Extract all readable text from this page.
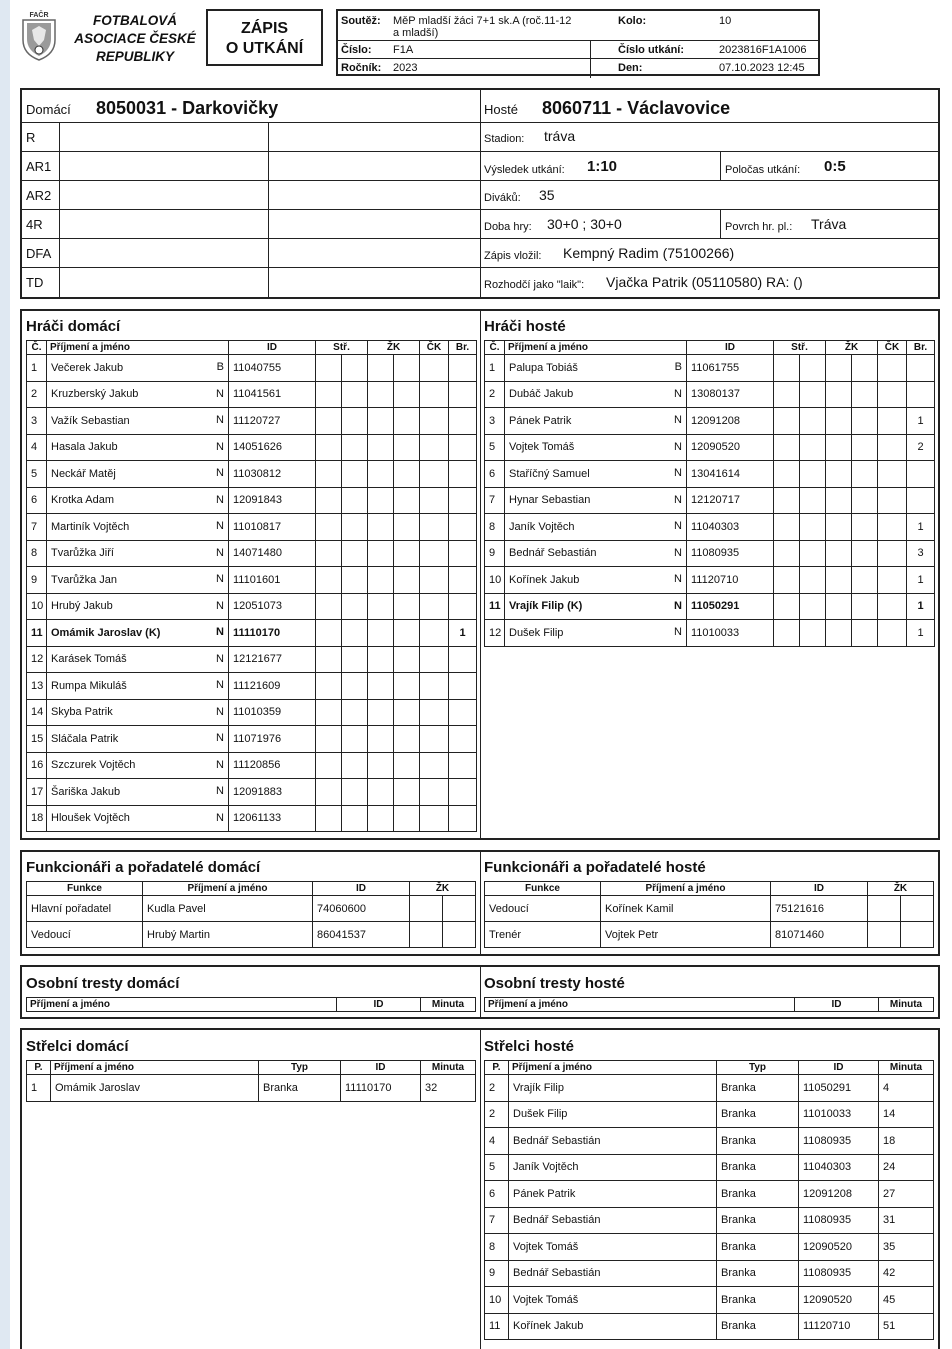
FAČR	FOTBALOVÁ
ASOCIACE ČESKÉ
REPUBLIKY
ZÁPIS
O UTKÁNÍ
Soutěž: MěP mladší žáci 7+1 sk.A (roč.11-12
a mladší)
Kolo:	10
Číslo: F1A	Číslo utkání:	2023816F1A1006
Ročník: 2023	Den:	07.10.2023 12:45
Domácí 8050031 - Darkovičky	Hosté 8060711 - Václavovice
R	Stadion: tráva
AR1	Výsledek utkání: 1:10	Poločas utkání: 0:5
AR2	Diváků: 35
4R	Doba hry: 30+0 ; 30+0	Povrch hr. pl.: Tráva
DFA	Zápis vložil: Kempný Radim (75100266)
TD	Rozhodčí jako "laik": Vjačka Patrik (05110580) RA: ()
Hráči domácí	Hráči hosté
Č.	Příjmení a jméno	ID	Stř.		ŽK		ČK	Br.
1	Večerek Jakub B	11040755						
2	Kruzberský Jakub N	11041561						
3	Važík Sebastian N	11120727						
4	Hasala Jakub N	14051626						
5	Neckář Matěj N	11030812						
6	Krotka Adam N	12091843						
7	Martiník Vojtěch N	11010817						
8	Tvarůžka Jiří N	14071480						
9	Tvarůžka Jan N	11101601						
10	Hrubý Jakub N	12051073						
11	Omámik Jaroslav (K) N	11110170						1
12	Karásek Tomáš N	12121677						
13	Rumpa Mikuláš N	11121609						
14	Skyba Patrik N	11010359						
15	Sláčala Patrik N	11071976						
16	Szczurek Vojtěch N	11120856						
17	Šariška Jakub N	12091883						
18	Hloušek Vojtěch N	12061133						
Č.	Příjmení a jméno	ID	Stř.		ŽK		ČK	Br.
1	Palupa Tobiáš B	11061755						
2	Dubáč Jakub N	13080137						
3	Pánek Patrik N	12091208						1
5	Vojtek Tomáš N	12090520						2
6	Staříčný Samuel N	13041614						
7	Hynar Sebastian N	12120717						
8	Janík Vojtěch N	11040303						1
9	Bednář Sebastián N	11080935						3
10	Kořínek Jakub N	11120710						1
11	Vrajík Filip (K) N	11050291						1
12	Dušek Filip N	11010033						1
Funkcionáři a pořadatelé domácí	Funkcionáři a pořadatelé hosté
Funkce	Příjmení a jméno	ID	ŽK	
Hlavní pořadatel	Kudla Pavel	74060600		
Vedoucí	Hrubý Martin	86041537		
Funkce	Příjmení a jméno	ID	ŽK	
Vedoucí	Kořínek Kamil	75121616		
Trenér	Vojtek Petr	81071460		
Osobní tresty domácí	Osobní tresty hosté
Příjmení a jméno	ID	Minuta Příjmení a jméno	ID	Minuta
Střelci domácí	Střelci hosté
P.	Příjmení a jméno	Typ	ID	Minuta
1	Omámik Jaroslav	Branka	11110170	32
P.	Příjmení a jméno	Typ	ID	Minuta
2	Vrajík Filip	Branka	11050291	4
2	Dušek Filip	Branka	11010033	14
4	Bednář Sebastián	Branka	11080935	18
5	Janík Vojtěch	Branka	11040303	24
6	Pánek Patrik	Branka	12091208	27
7	Bednář Sebastián	Branka	11080935	31
8	Vojtek Tomáš	Branka	12090520	35
9	Bednář Sebastián	Branka	11080935	42
10	Vojtek Tomáš	Branka	12090520	45
11	Kořínek Jakub	Branka	11120710	51
